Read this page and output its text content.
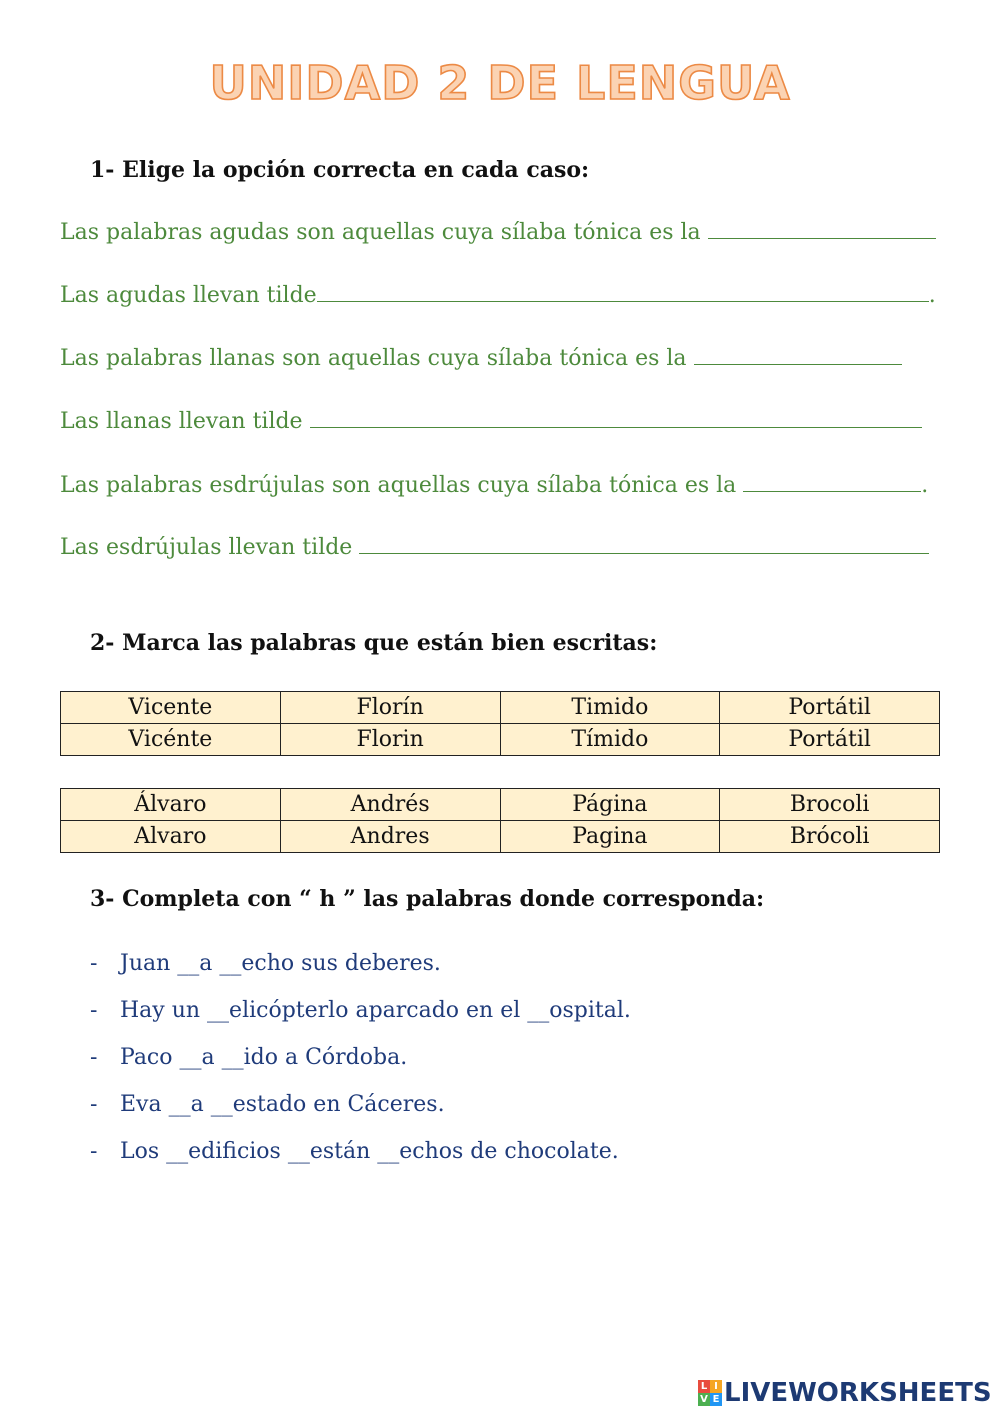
UNIDAD 2 DE LENGUA
1- Elige la opción correcta en cada caso:
Las palabras agudas son aquellas cuya sílaba tónica es la
Las agudas llevan tilde	.
Las palabras llanas son aquellas cuya sílaba tónica es la
Las llanas llevan tilde
Las palabras esdrújulas son aquellas cuya sílaba tónica es la	.
Las esdrújulas llevan tilde
2- Marca las palabras que están bien escritas:
Vicente	Florín	Timido	Portátil
Vicénte	Florin	Tímido	Portátil
Álvaro	Andrés	Página	Brocoli
Alvaro	Andres	Pagina	Brócoli
3- Completa con “ h ” las palabras donde corresponda:
- Juan __a __echo sus deberes.
- Hay un __elicópterlo aparcado en el __ospital.
- Paco __a __ido a Córdoba.
- Eva __a __estado en Cáceres.
- Los __edificios __están __echos de chocolate.
L I
V E LIVEWORKSHEETS
